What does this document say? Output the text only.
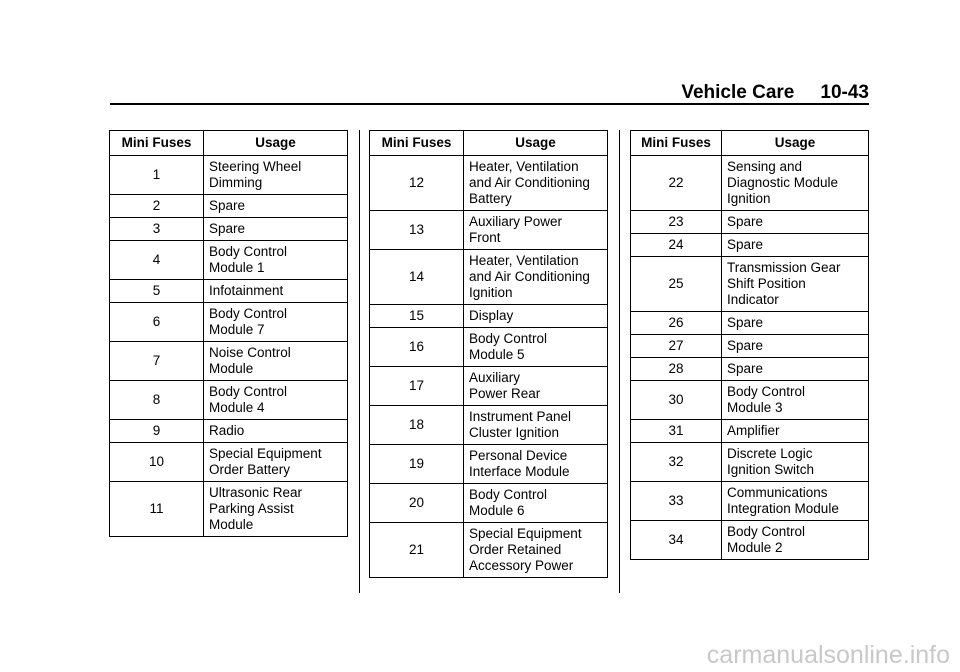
Vehicle Care 10-43
Mini Fuses	Usage
1	Steering Wheel
Dimming
2	Spare
3	Spare
4	Body Control
Module 1
5	Infotainment
6	Body Control
Module 7
7	Noise Control
Module
8	Body Control
Module 4
9	Radio
10	Special Equipment
Order Battery
11	Ultrasonic Rear
Parking Assist
Module
Mini Fuses	Usage
12	Heater, Ventilation
and Air Conditioning
Battery
13	Auxiliary Power
Front
14	Heater, Ventilation
and Air Conditioning
Ignition
15	Display
16	Body Control
Module 5
17	Auxiliary
Power Rear
18	Instrument Panel
Cluster Ignition
19	Personal Device
Interface Module
20	Body Control
Module 6
21	Special Equipment
Order Retained
Accessory Power
Mini Fuses	Usage
22	Sensing and
Diagnostic Module
Ignition
23	Spare
24	Spare
25	Transmission Gear
Shift Position
Indicator
26	Spare
27	Spare
28	Spare
30	Body Control
Module 3
31	Amplifier
32	Discrete Logic
Ignition Switch
33	Communications
Integration Module
34	Body Control
Module 2
carmanualsonline.info
